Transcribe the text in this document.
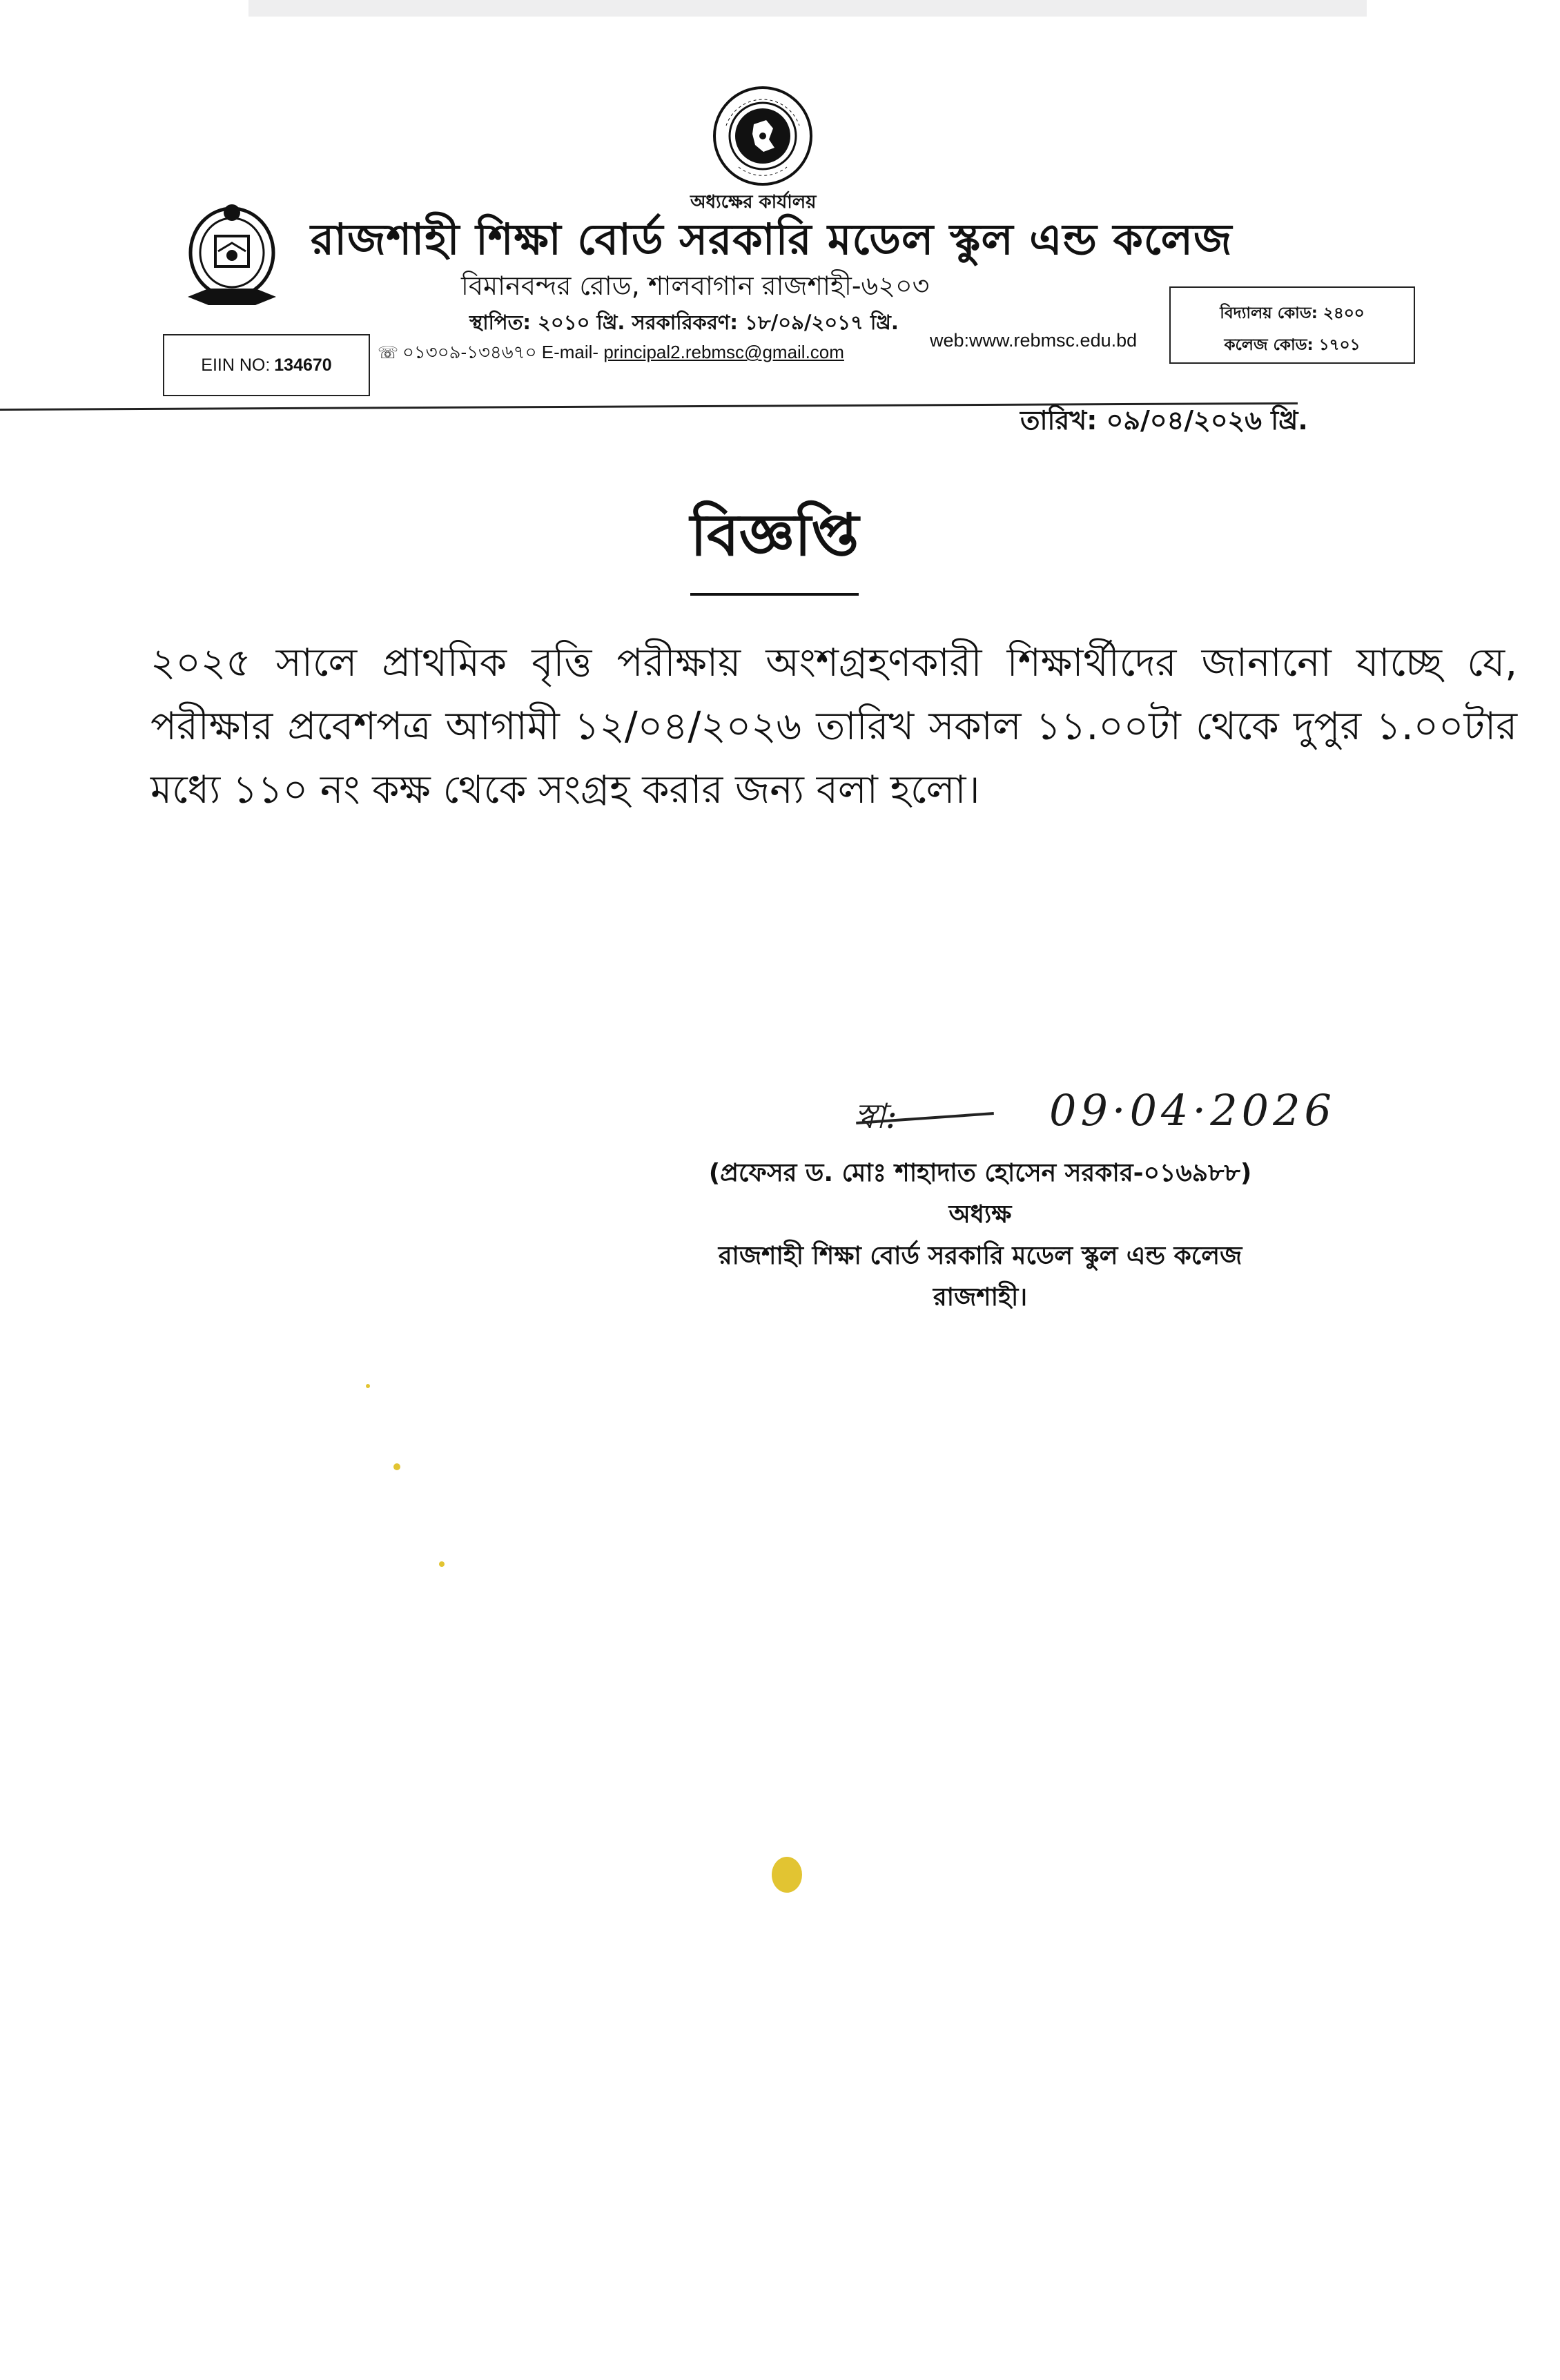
অধ্যক্ষের কার্যালয়
রাজশাহী শিক্ষা বোর্ড সরকারি মডেল স্কুল এন্ড কলেজ
বিমানবন্দর রোড, শালবাগান রাজশাহী-৬২০৩
স্থাপিত: ২০১০ খ্রি. সরকারিকরণ: ১৮/০৯/২০১৭ খ্রি.
EIIN NO: 134670
☏ ০১৩০৯-১৩৪৬৭০ E-mail- principal2.rebmsc@gmail.com
web:www.rebmsc.edu.bd
বিদ্যালয় কোড: ২৪০০
কলেজ কোড: ১৭০১
তারিখ: ০৯/০৪/২০২৬ খ্রি.
বিজ্ঞপ্তি
২০২৫ সালে প্রাথমিক বৃত্তি পরীক্ষায় অংশগ্রহণকারী শিক্ষার্থীদের জানানো যাচ্ছে যে, পরীক্ষার প্রবেশপত্র আগামী ১২/০৪/২০২৬ তারিখ সকাল ১১.০০টা থেকে দুপুর ১.০০টার মধ্যে ১১০ নং কক্ষ থেকে সংগ্রহ করার জন্য বলা হলো।
স্বা:	09·04·2026
(প্রফেসর ড. মোঃ শাহাদাত হোসেন সরকার-০১৬৯৮৮)
অধ্যক্ষ
রাজশাহী শিক্ষা বোর্ড সরকারি মডেল স্কুল এন্ড কলেজ
রাজশাহী।
